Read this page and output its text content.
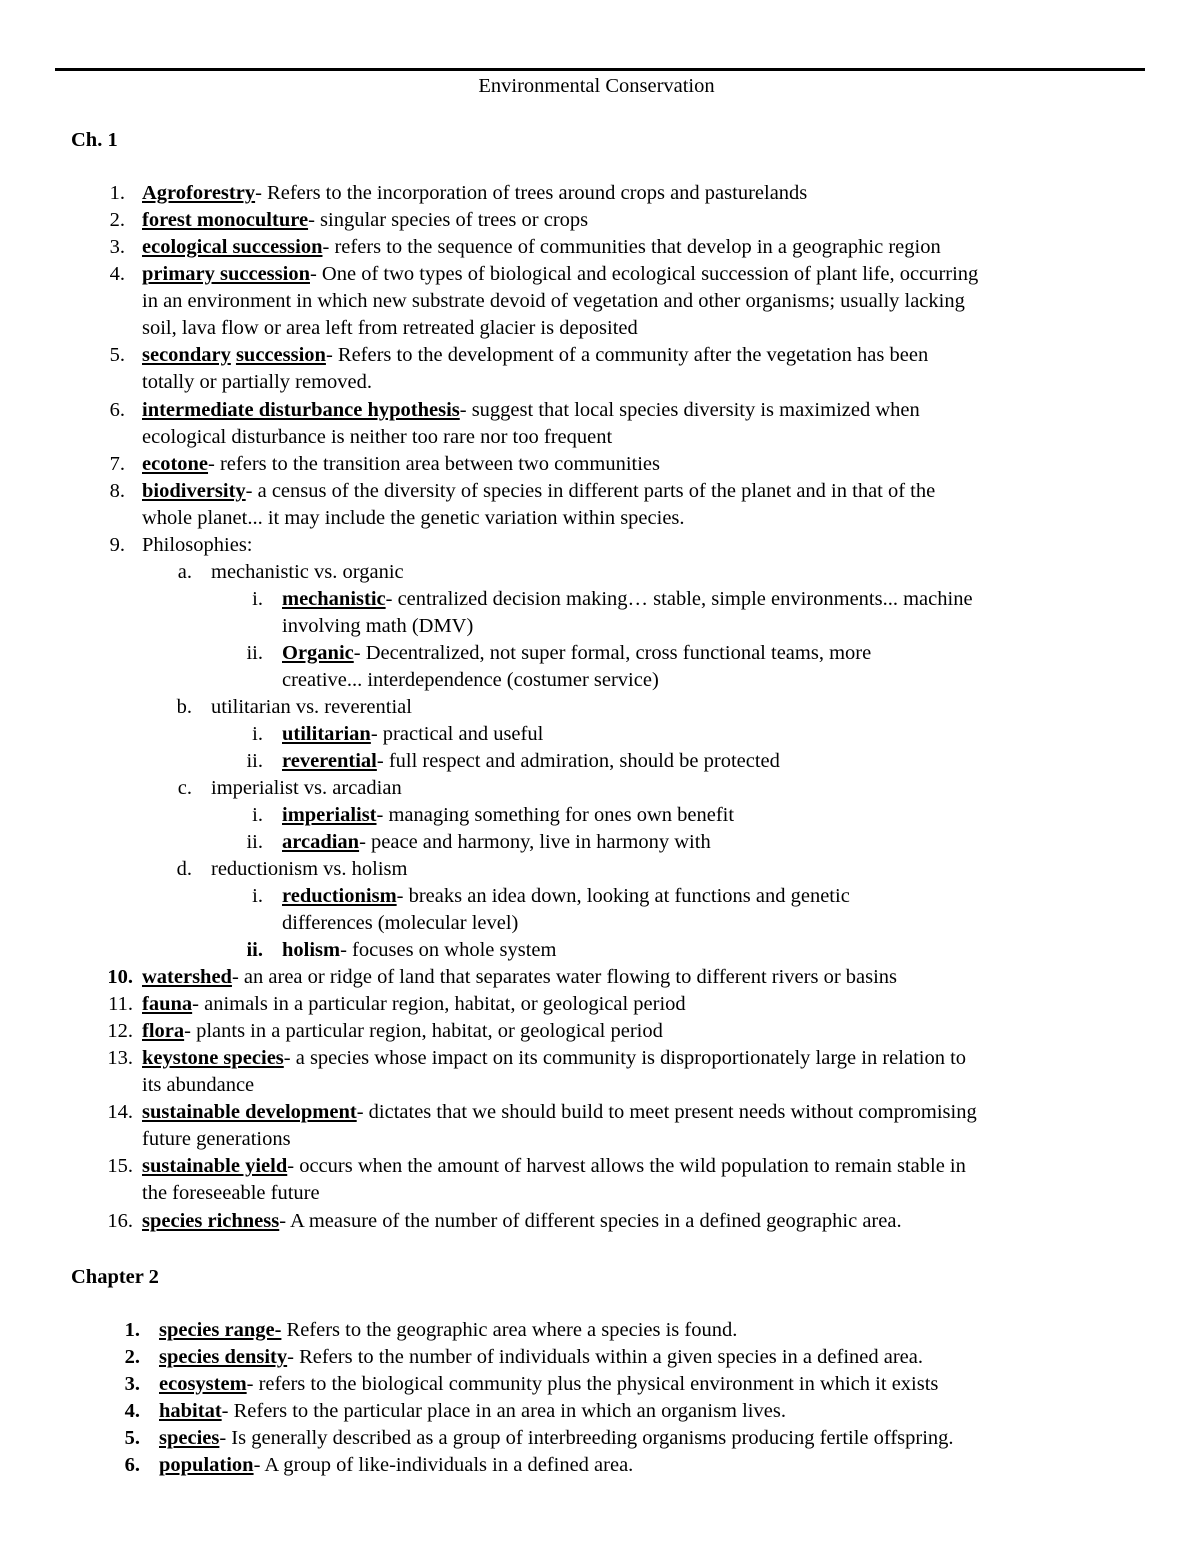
Environmental Conservation
Ch. 1
1. Agroforestry- Refers to the incorporation of trees around crops and pasturelands
2. forest monoculture- singular species of trees or crops
3. ecological succession- refers to the sequence of communities that develop in a geographic region
4. primary succession- One of two types of biological and ecological succession of plant life, occurring
in an environment in which new substrate devoid of vegetation and other organisms; usually lacking
soil, lava flow or area left from retreated glacier is deposited
5. secondary succession- Refers to the development of a community after the vegetation has been
totally or partially removed.
6. intermediate disturbance hypothesis- suggest that local species diversity is maximized when
ecological disturbance is neither too rare nor too frequent
7. ecotone- refers to the transition area between two communities
8. biodiversity- a census of the diversity of species in different parts of the planet and in that of the
whole planet... it may include the genetic variation within species.
9. Philosophies:
a. mechanistic vs. organic
i. mechanistic- centralized decision making… stable, simple environments... machine
involving math (DMV)
ii. Organic- Decentralized, not super formal, cross functional teams, more
creative... interdependence (costumer service)
b. utilitarian vs. reverential
i. utilitarian- practical and useful
ii. reverential- full respect and admiration, should be protected
c. imperialist vs. arcadian
i. imperialist- managing something for ones own benefit
ii. arcadian- peace and harmony, live in harmony with
d. reductionism vs. holism
i. reductionism- breaks an idea down, looking at functions and genetic
differences (molecular level)
ii. holism- focuses on whole system
10. watershed- an area or ridge of land that separates water flowing to different rivers or basins
11. fauna- animals in a particular region, habitat, or geological period
12. flora- plants in a particular region, habitat, or geological period
13. keystone species- a species whose impact on its community is disproportionately large in relation to
its abundance
14. sustainable development- dictates that we should build to meet present needs without compromising
future generations
15. sustainable yield- occurs when the amount of harvest allows the wild population to remain stable in
the foreseeable future
16. species richness- A measure of the number of different species in a defined geographic area.
Chapter 2
1. species range- Refers to the geographic area where a species is found.
2. species density- Refers to the number of individuals within a given species in a defined area.
3. ecosystem- refers to the biological community plus the physical environment in which it exists
4. habitat- Refers to the particular place in an area in which an organism lives.
5. species- Is generally described as a group of interbreeding organisms producing fertile offspring.
6. population- A group of like-individuals in a defined area.
